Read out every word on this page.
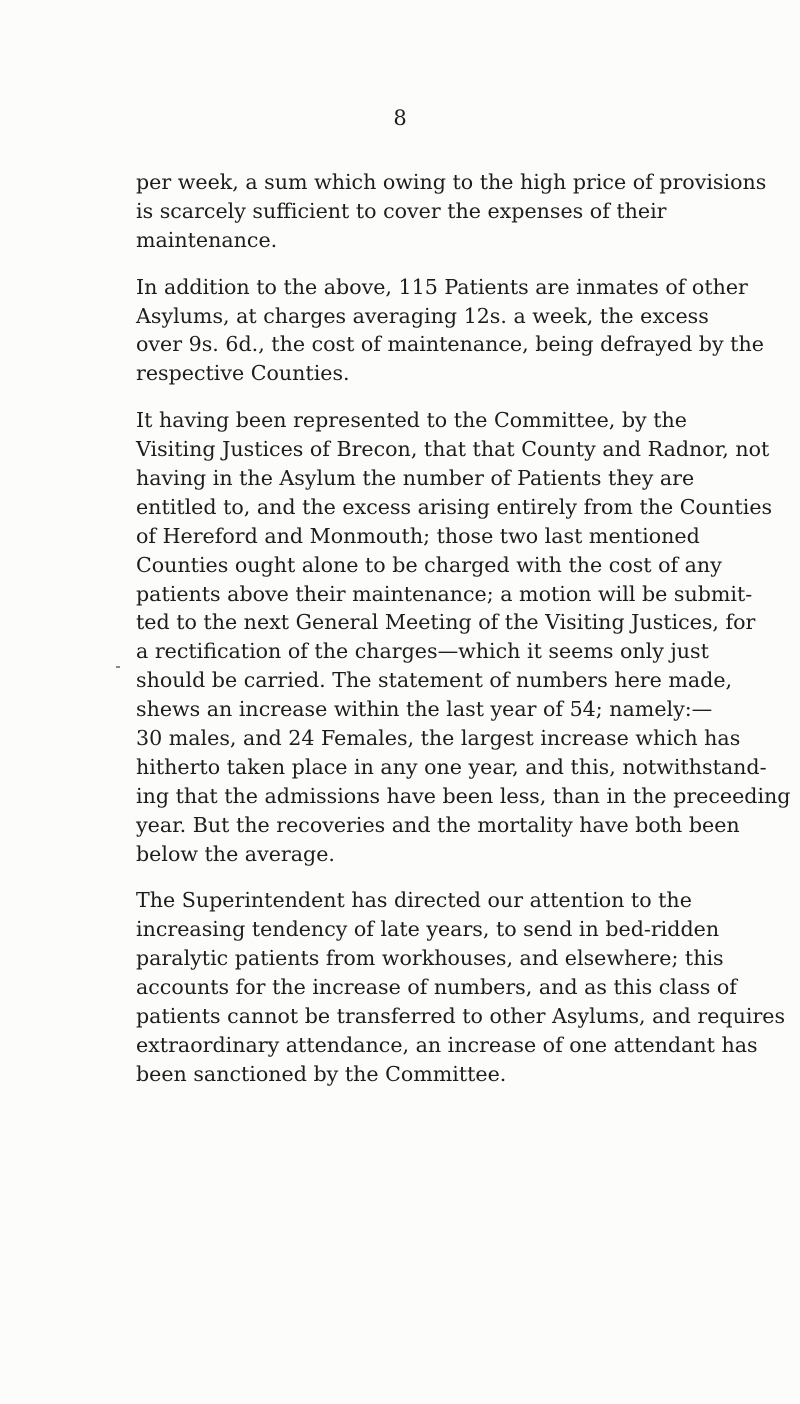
8

per week, a sum which owing to the high price of provisions
is scarcely sufficient to cover the expenses of their
maintenance.

In addition to the above, 115 Patients are inmates of other
Asylums, at charges averaging 12s. a week, the excess
over 9s. 6d., the cost of maintenance, being defrayed by the
respective Counties.

It having been represented to the Committee, by the
Visiting Justices of Brecon, that that County and Radnor, not
having in the Asylum the number of Patients they are
entitled to, and the excess arising entirely from the Counties
of Hereford and Monmouth; those two last mentioned
Counties ought alone to be charged with the cost of any
patients above their maintenance; a motion will be submit-
ted to the next General Meeting of the Visiting Justices, for
a rectification of the charges—which it seems only just
should be carried. The statement of numbers here made,
shews an increase within the last year of 54; namely:—
30 males, and 24 Females, the largest increase which has
hitherto taken place in any one year, and this, notwithstand-
ing that the admissions have been less, than in the preceeding
year. But the recoveries and the mortality have both been
below the average.

The Superintendent has directed our attention to the
increasing tendency of late years, to send in bed-ridden
paralytic patients from workhouses, and elsewhere; this
accounts for the increase of numbers, and as this class of
patients cannot be transferred to other Asylums, and requires
extraordinary attendance, an increase of one attendant has
been sanctioned by the Committee.
